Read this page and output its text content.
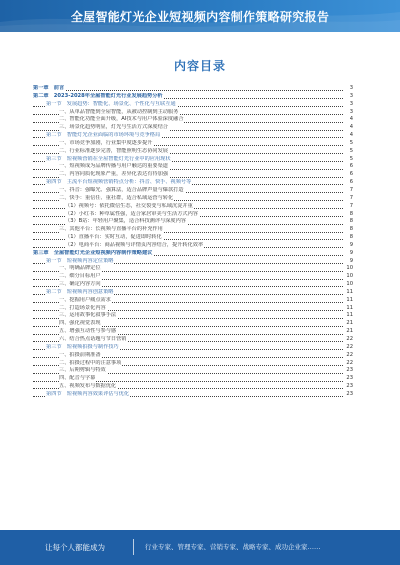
全屋智能灯光企业短视频内容制作策略研究报告
内容目录
第一章　前言	3
第二章　2023-2028年全屋智能灯光行业发展趋势分析	3
第一节　发展趋势：智能化、场景化、个性化与互联互通	3
一、从单品智能到全屋智能，从被动控制到主动服务	3
二、智能化功能全面升级，AI技术与用户体验深度融合	4
三、场景化趋势明显，灯光与生活方式深度结合	4
第二节　智能灯光企业面临的市场环境与竞争格局	4
一、市场竞争加剧，行业集中度逐步提升	5
二、行业标准逐步完善，智能照明生态协同发展	5
第三节　短视频营销在全屋智能灯光行业中的应用现状	5
一、短视频成为品牌传播与用户触达的重要渠道	6
二、内容同质化现象严重，差异化表达有待加强	6
第四节　主流平台短视频营销特点分析：抖音、快手、视频号等	6
一、抖音：强曝光、强算法，适合品牌声量与爆款打造	7
二、快手：重信任、重社群，适合私域运营与转化	7
（1）视频号：依托微信生态，社交裂变与私域沉淀并重	7
（2）小红书：种草属性强，适合家居审美与生活方式内容	8
（3）B站：年轻用户聚集，适合科技测评与深度内容	8
三、其他平台：长视频与直播平台的补充作用	8
（1）直播平台：实时互动，促进即时转化	8
（2）电商平台：商品视频与详情页内容结合，提升转化效率	9
第三章　全屋智能灯光企业短视频内容制作策略建议	9
第一节　短视频内容定位策略	9
一、明确品牌定位	10
二、细分目标用户	10
三、确定内容方向	10
第二节　短视频内容创意策略	11
一、挖掘用户痛点需求	11
二、打造场景化内容	11
三、运用故事化叙事手法	11
四、强化视觉表现	21
五、增强互动性与参与感	21
六、结合热点话题与节日营销	22
第三节　短视频拍摄与制作技巧	22
一、拍摄前期准备	22
二、拍摄过程中的注意事项	22
三、后期剪辑与特效	23
四、配音与字幕	23
五、视频发布与数据优化	23
第四节　短视频内容效果评估与优化	23
让每个人都能成为	行业专家、管理专家、营销专家、战略专家、成功企业家……
